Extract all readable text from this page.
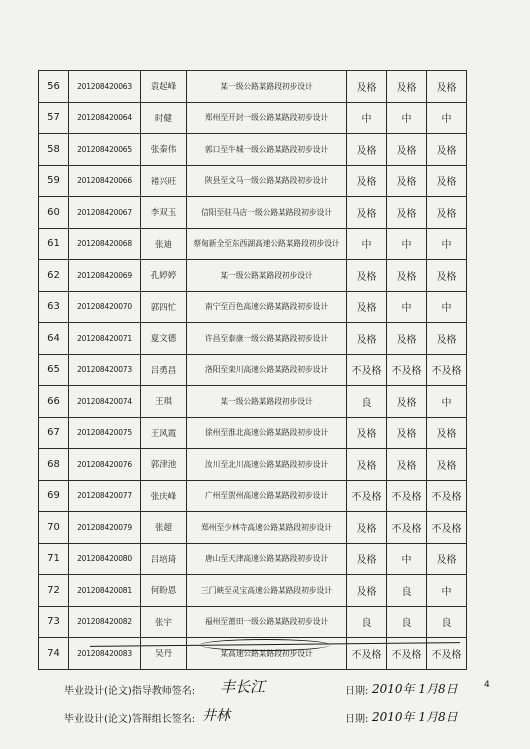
56	201208420063	袁起峰	某一级公路某路段初步设计	及格	及格	及格
57	201208420064	时健	郑州至开封一级公路某路段初步设计	中	中	中
58	201208420065	张秦伟	郭口至牛城一级公路某路段初步设计	及格	及格	及格
59	201208420066	褚兴旺	陕县至文马一级公路某路段初步设计	及格	及格	及格
60	201208420067	李双玉	信阳至驻马店一级公路某路段初步设计	及格	及格	及格
61	201208420068	张迪	蔡甸新全至东西湖高速公路某路段初步设计	中	中	中
62	201208420069	孔婷婷	某一级公路某路段初步设计	及格	及格	及格
63	201208420070	郭四忙	南宁至百色高速公路某路段初步设计	及格	中	中
64	201208420071	夏文德	许昌至泰康一级公路某路段初步设计	及格	及格	及格
65	201208420073	吕勇昌	洛阳至栾川高速公路某路段初步设计	不及格	不及格	不及格
66	201208420074	王琪	某一级公路某路段初步设计	良	及格	中
67	201208420075	王风霞	徐州至淮北高速公路某路段初步设计	及格	及格	及格
68	201208420076	郭津池	汝川至北川高速公路某路段初步设计	及格	及格	及格
69	201208420077	张庆峰	广州至贺州高速公路某路段初步设计	不及格	不及格	不及格
70	201208420079	张超	郑州至少林寺高速公路某路段初步设计	及格	不及格	不及格
71	201208420080	吕培琦	唐山至天津高速公路某路段初步设计	及格	中	及格
72	201208420081	何盼恩	三门峡至灵宝高速公路某路段初步设计	及格	良	中
73	201208420082	张宇	福州至莆田一级公路某路段初步设计	良	良	良
74	201208420083	吴丹	某高速公路某路段初步设计	不及格	不及格	不及格
毕业设计(论文)指导教师签名: 丰长江	日期: 2010年 1月8日	4
毕业设计(论文)答辩组长签名: 井林	日期: 2010年 1月8日
